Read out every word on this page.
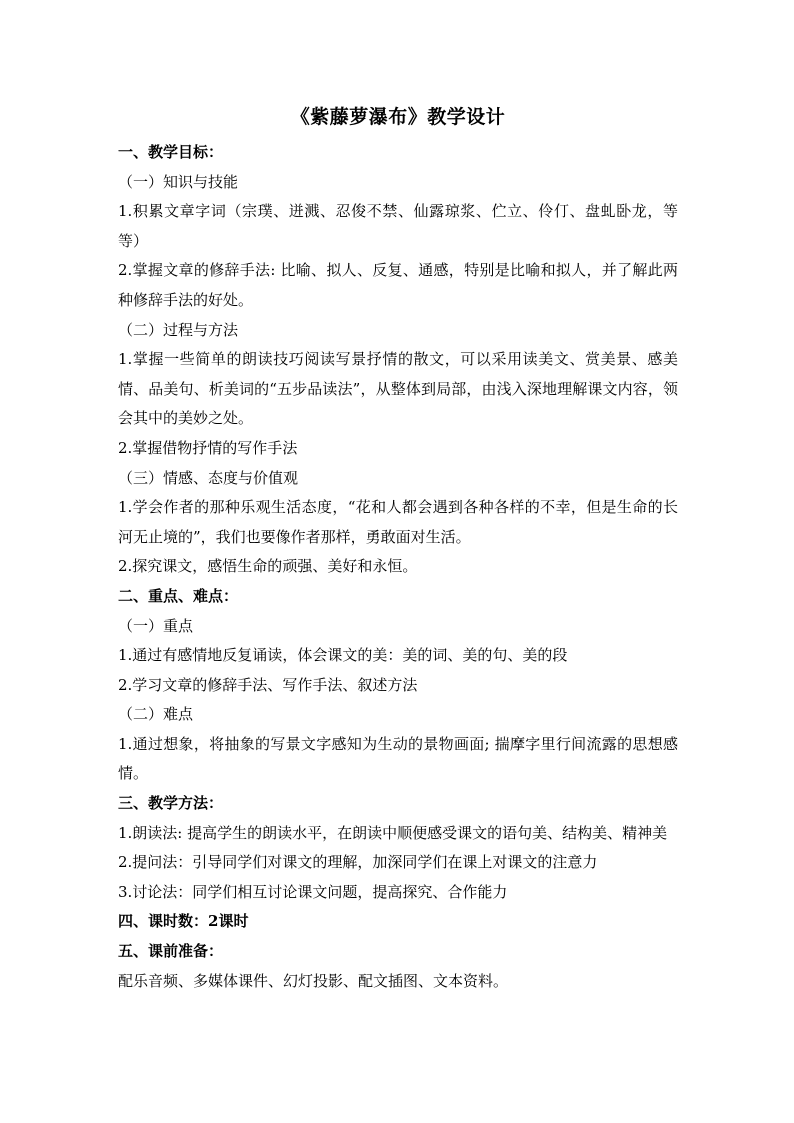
《紫藤萝瀑布》教学设计
一、教学目标：
（一）知识与技能
1.积累文章字词（宗璞、迸溅、忍俊不禁、仙露琼浆、伫立、伶仃、盘虬卧龙，等等）
2.掌握文章的修辞手法: 比喻、拟人、反复、通感，特别是比喻和拟人，并了解此两种修辞手法的好处。
（二）过程与方法
1.掌握一些简单的朗读技巧阅读写景抒情的散文，可以采用读美文、赏美景、感美情、品美句、析美词的“五步品读法”，从整体到局部，由浅入深地理解课文内容，领会其中的美妙之处。
2.掌握借物抒情的写作手法
（三）情感、态度与价值观
1.学会作者的那种乐观生活态度，“花和人都会遇到各种各样的不幸，但是生命的长河无止境的”，我们也要像作者那样，勇敢面对生活。
2.探究课文，感悟生命的顽强、美好和永恒。
二、重点、难点：
（一）重点
1.通过有感情地反复诵读，体会课文的美：美的词、美的句、美的段
2.学习文章的修辞手法、写作手法、叙述方法
（二）难点
1.通过想象，将抽象的写景文字感知为生动的景物画面; 揣摩字里行间流露的思想感情。
三、教学方法：
1.朗读法: 提高学生的朗读水平，在朗读中顺便感受课文的语句美、结构美、精神美
2.提问法：引导同学们对课文的理解，加深同学们在课上对课文的注意力
3.讨论法：同学们相互讨论课文问题，提高探究、合作能力
四、课时数：2课时
五、课前准备：
配乐音频、多媒体课件、幻灯投影、配文插图、文本资料。
